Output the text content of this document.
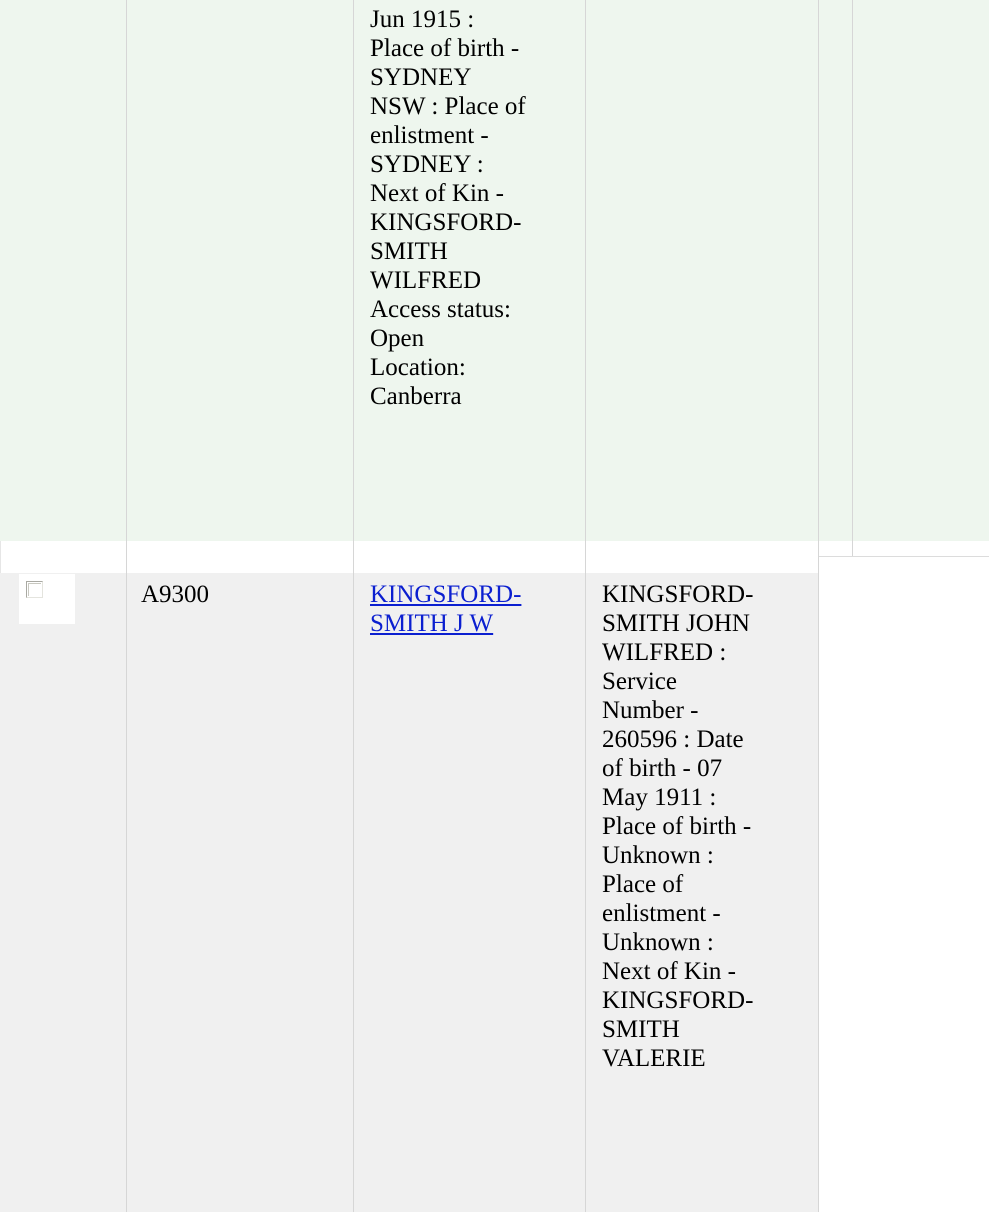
Jun 1915 :
Place of birth -
SYDNEY
NSW : Place of
enlistment -
SYDNEY :
Next of Kin -
KINGSFORD-
SMITH
WILFRED
Access status:
Open
Location:
Canberra
A9300	KINGSFORD-
SMITH J W
KINGSFORD-
SMITH JOHN
WILFRED :
Service
Number -
260596 : Date
of birth - 07
May 1911 :
Place of birth -
Unknown :
Place of
enlistment -
Unknown :
Next of Kin -
KINGSFORD-
SMITH
VALERIE
